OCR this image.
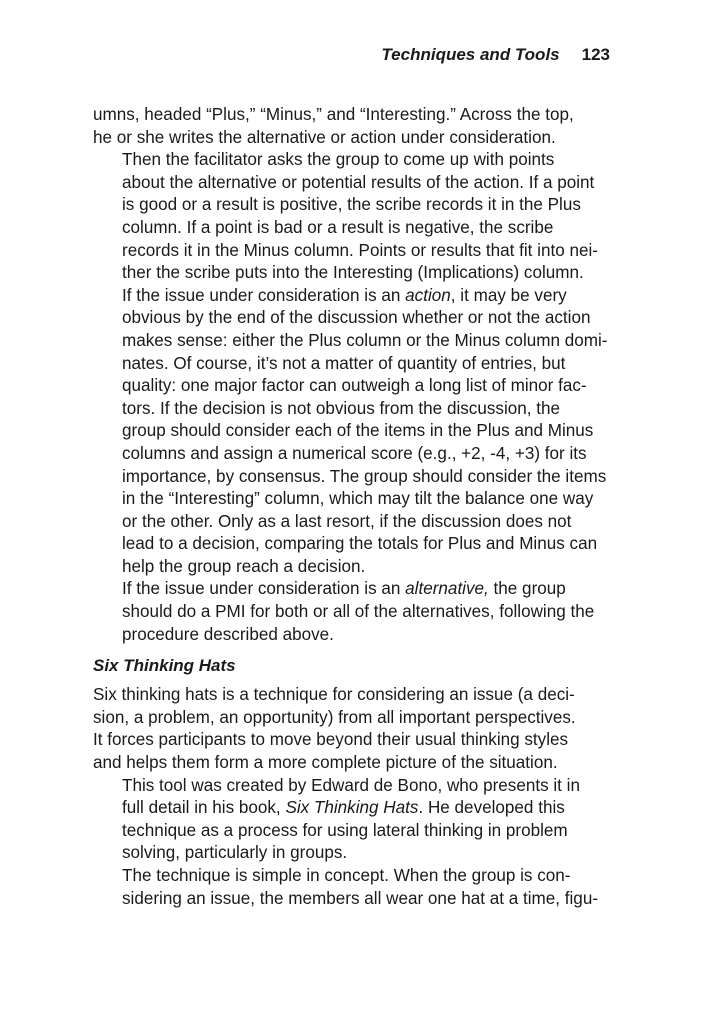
Techniques and Tools 123

umns, headed “Plus,” “Minus,” and “Interesting.” Across the top,
he or she writes the alternative or action under consideration.

Then the facilitator asks the group to come up with points
about the alternative or potential results of the action. If a point
is good or a result is positive, the scribe records it in the Plus
column. If a point is bad or a result is negative, the scribe
records it in the Minus column. Points or results that fit into nei-
ther the scribe puts into the Interesting (Implications) column.

If the issue under consideration is an action, it may be very
obvious by the end of the discussion whether or not the action
makes sense: either the Plus column or the Minus column domi-
nates. Of course, it’s not a matter of quantity of entries, but
quality: one major factor can outweigh a long list of minor fac-
tors. If the decision is not obvious from the discussion, the
group should consider each of the items in the Plus and Minus
columns and assign a numerical score (e.g., +2, -4, +3) for its
importance, by consensus. The group should consider the items
in the “Interesting” column, which may tilt the balance one way
or the other. Only as a last resort, if the discussion does not
lead to a decision, comparing the totals for Plus and Minus can
help the group reach a decision.

If the issue under consideration is an alternative, the group
should do a PMI for both or all of the alternatives, following the
procedure described above.

Six Thinking Hats

Six thinking hats is a technique for considering an issue (a deci-
sion, a problem, an opportunity) from all important perspectives.
It forces participants to move beyond their usual thinking styles
and helps them form a more complete picture of the situation.

This tool was created by Edward de Bono, who presents it in
full detail in his book, Six Thinking Hats. He developed this
technique as a process for using lateral thinking in problem
solving, particularly in groups.

The technique is simple in concept. When the group is con-
sidering an issue, the members all wear one hat at a time, figu-
